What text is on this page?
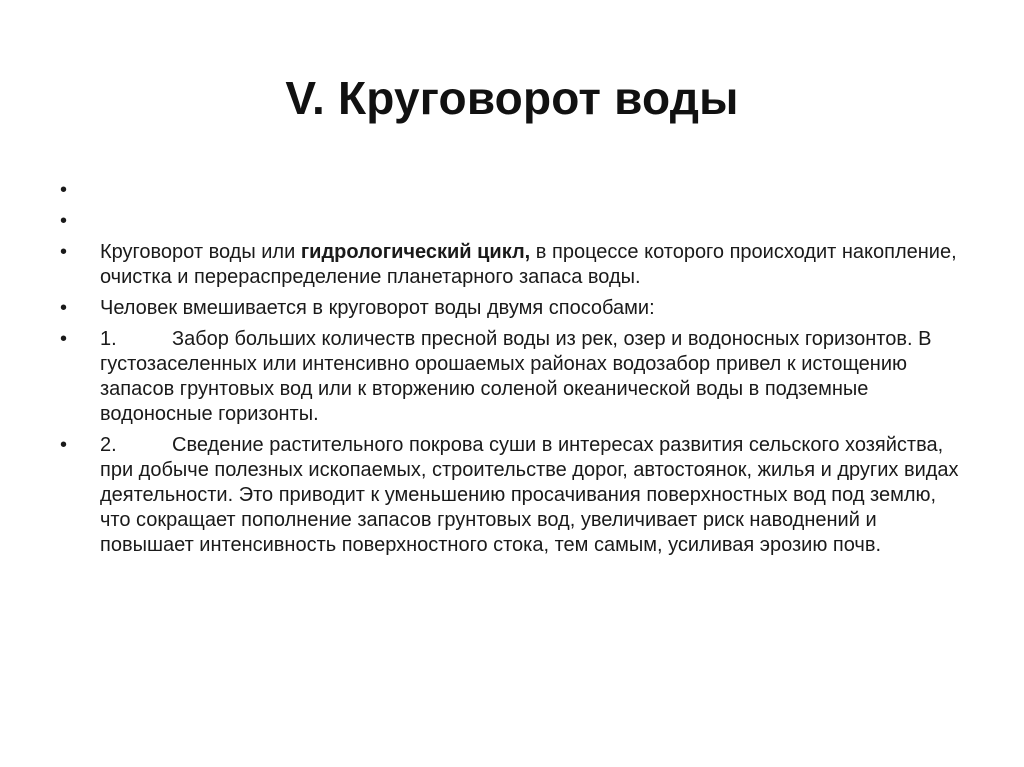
V. Круговорот воды
•
•
•	Круговорот воды или гидрологический цикл, в процессе которого происходит накопление, очистка и перераспределение планетарного запаса воды.
•	Человек вмешивается в круговорот воды двумя способами:
•	1.	Забор больших количеств пресной воды из рек, озер и водоносных горизонтов. В густозаселенных или интенсивно орошаемых районах водозабор привел к истощению запасов грунтовых вод или к вторжению соленой океанической воды в подземные водоносные горизонты.
•	2.	Сведение растительного покрова суши в интересах развития сельского хозяйства, при добыче полезных ископаемых, строительстве дорог, автостоянок, жилья и других видах деятельности. Это приводит к уменьшению просачивания поверхностных вод под землю, что сокращает пополнение запасов грунтовых вод, увеличивает риск наводнений и повышает интенсивность поверхностного стока, тем самым, усиливая эрозию почв.
